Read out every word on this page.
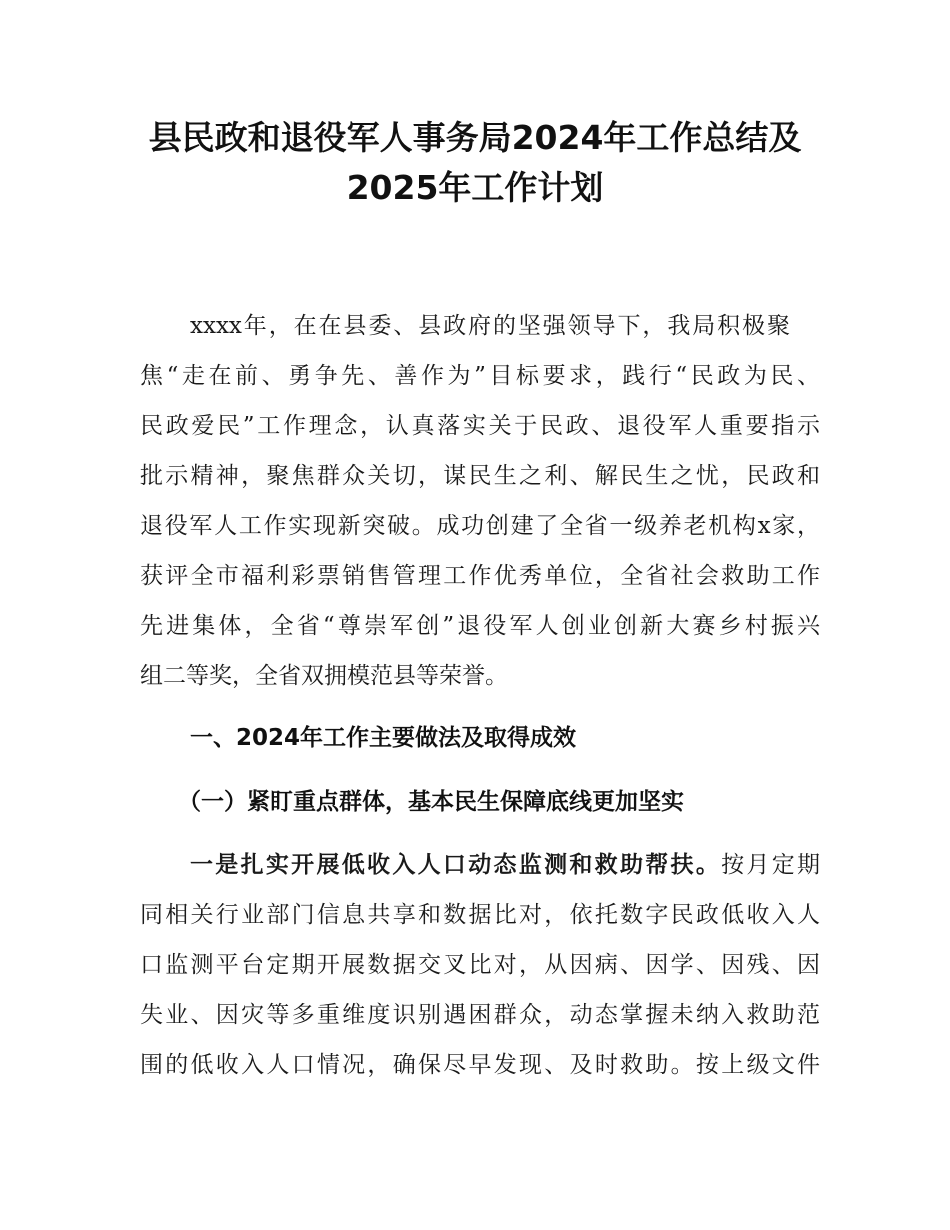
县民政和退役军人事务局2024年工作总结及
2025年工作计划
xxxx年，在在县委、县政府的坚强领导下，我局积极聚
焦“走在前、勇争先、善作为”目标要求，践行“民政为民、
民政爱民”工作理念，认真落实关于民政、退役军人重要指示
批示精神，聚焦群众关切，谋民生之利、解民生之忧，民政和
退役军人工作实现新突破。成功创建了全省一级养老机构x家，
获评全市福利彩票销售管理工作优秀单位，全省社会救助工作
先进集体，全省“尊崇军创”退役军人创业创新大赛乡村振兴
组二等奖，全省双拥模范县等荣誉。
一、2024年工作主要做法及取得成效
（一）紧盯重点群体，基本民生保障底线更加坚实
一是扎实开展低收入人口动态监测和救助帮扶。按月定期
同相关行业部门信息共享和数据比对，依托数字民政低收入人
口监测平台定期开展数据交叉比对，从因病、因学、因残、因
失业、因灾等多重维度识别遇困群众，动态掌握未纳入救助范
围的低收入人口情况，确保尽早发现、及时救助。按上级文件
